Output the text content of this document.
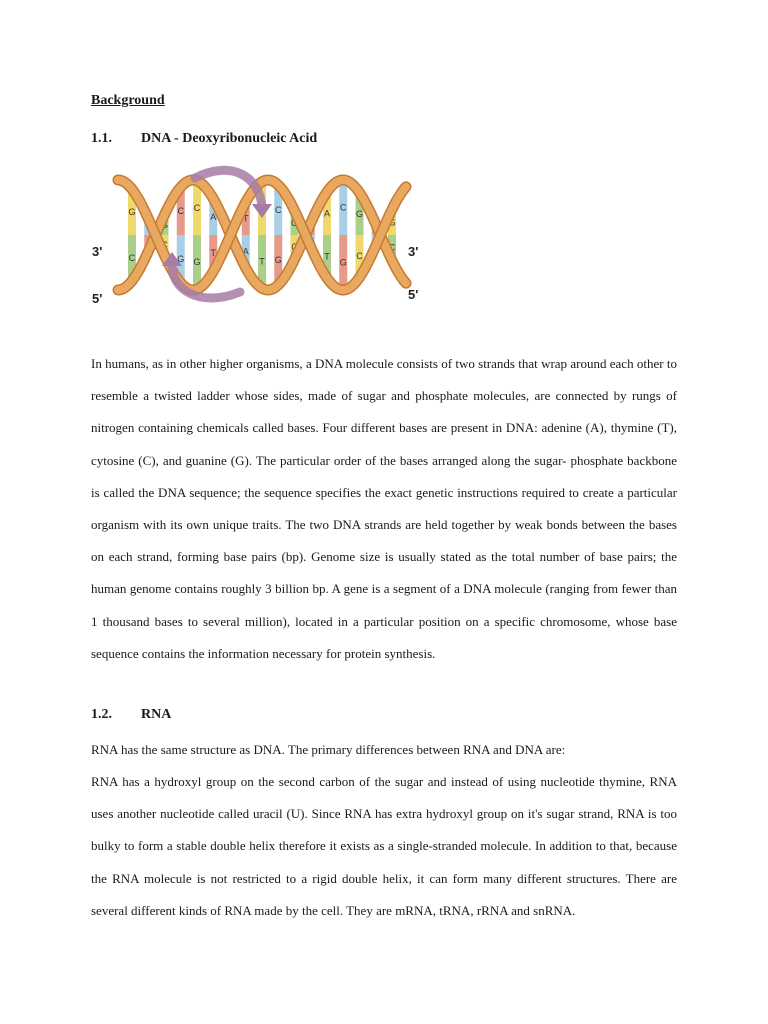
Background
1.1.	DNA - Deoxyribonucleic Acid
G
C
T
A
G
C
C
G
C
G
A
T
T
A
T
C
G
G
C
G
C
A
T
C
G
G
C
T
A
G
C
3'
5'
3'
5'

In humans, as in other higher organisms, a DNA molecule consists of two strands that wrap around each other to resemble a twisted ladder whose sides, made of sugar and phosphate molecules, are connected by rungs of nitrogen containing chemicals called bases. Four different bases are present in DNA: adenine (A), thymine (T), cytosine (C), and guanine (G). The particular order of the bases arranged along the sugar- phosphate backbone is called the DNA sequence; the sequence specifies the exact genetic instructions required to create a particular organism with its own unique traits. The two DNA strands are held together by weak bonds between the bases on each strand, forming base pairs (bp). Genome size is usually stated as the total number of base pairs; the human genome contains roughly 3 billion bp. A gene is a segment of a DNA molecule (ranging from fewer than 1 thousand bases to several million), located in a particular position on a specific chromosome, whose base sequence contains the information necessary for protein synthesis.

1.2.	RNA

RNA has the same structure as DNA. The primary differences between RNA and DNA are:

RNA has a hydroxyl group on the second carbon of the sugar and instead of using nucleotide thymine, RNA uses another nucleotide called uracil (U). Since RNA has extra hydroxyl group on it's sugar strand, RNA is too bulky to form a stable double helix therefore it exists as a single-stranded molecule. In addition to that, because the RNA molecule is not restricted to a rigid double helix, it can form many different structures. There are several different kinds of RNA made by the cell. They are mRNA, tRNA, rRNA and snRNA.
